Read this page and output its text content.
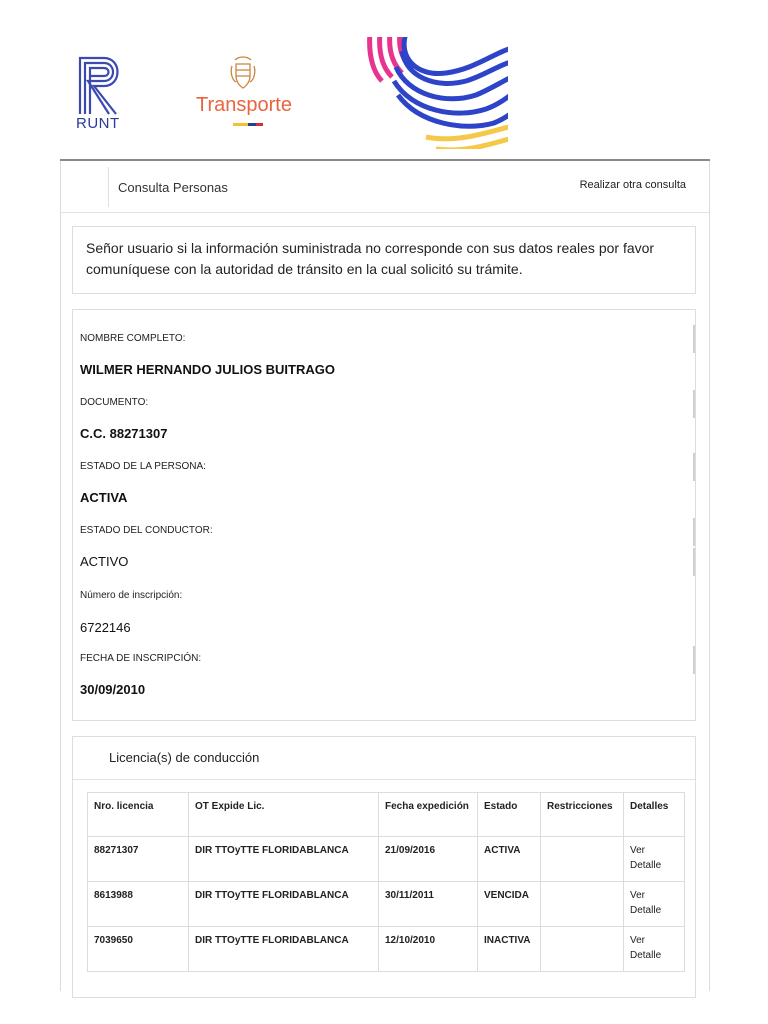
RUNT
Transporte
Consulta Personas	Realizar otra consulta

Señor usuario si la información suministrada no corresponde con sus datos reales por favor comuníquese con la autoridad de tránsito en la cual solicitó su trámite.

NOMBRE COMPLETO:
WILMER HERNANDO JULIOS BUITRAGO
DOCUMENTO:
C.C. 88271307
ESTADO DE LA PERSONA:
ACTIVA
ESTADO DEL CONDUCTOR:
ACTIVO
Número de inscripción:
6722146
FECHA DE INSCRIPCIÓN:
30/09/2010
Licencia(s) de conducción
Nro. licencia	OT Expide Lic.	Fecha expedición	Estado	Restricciones	Detalles
88271307	DIR TTOyTTE FLORIDABLANCA	21/09/2016	ACTIVA		Ver Detalle
8613988	DIR TTOyTTE FLORIDABLANCA	30/11/2011	VENCIDA		Ver Detalle
7039650	DIR TTOyTTE FLORIDABLANCA	12/10/2010	INACTIVA		Ver Detalle
